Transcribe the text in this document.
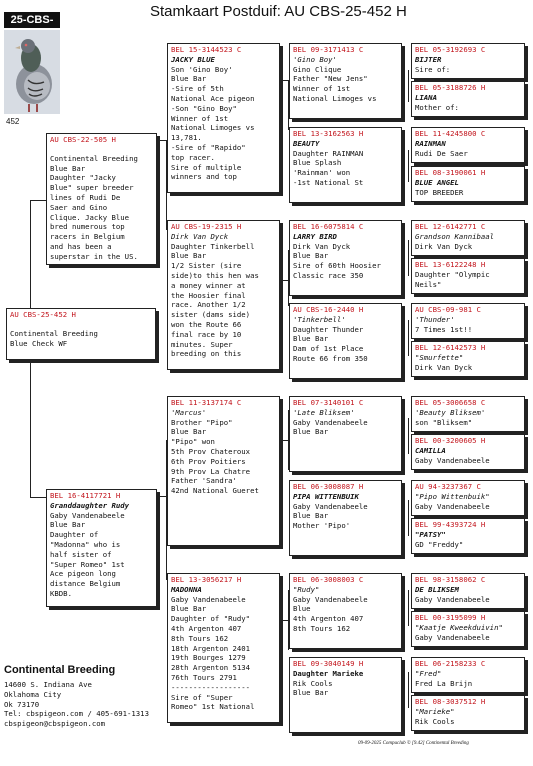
25-CBS-	Stamkaart Postduif: AU CBS-25-452 H
452
AU CBS-25-452 H
Continental Breeding
Blue Check WF
AU CBS-22-505 H
Continental Breeding
Blue Bar
Daughter "Jacky
Blue" super breeder
lines of Rudi De
Saer and Gino
Clique. Jacky Blue
bred numerous top
racers in Belgium
and has been a
superstar in the US.
BEL 16-4117721 H
Granddaughter Rudy
Gaby Vandenabeele
Blue Bar
Daughter of
"Madonna" who is
half sister of
"Super Romeo" 1st
Ace pigeon long
distance Belgium
KBDB.
BEL 15-3144523 C
JACKY BLUE
Son 'Gino Boy'
Blue Bar
-Sire of 5th
National Ace pigeon
-Son "Gino Boy"
Winner of 1st
National Limoges vs
13,781.
-Sire of "Rapido"
top racer.
Sire of multiple
winners and top
AU CBS-19-2315 H
Dirk Van Dyck
Daughter Tinkerbell
Blue Bar
1/2 Sister (sire
side)to this hen was
a money winner at
the Hoosier final
race. Another 1/2
sister (dams side)
won the Route 66
final race by 10
minutes. Super
breeding on this
BEL 11-3137174 C
'Marcus'
Brother "Pipo"
Blue Bar
"Pipo" won
5th Prov Chateroux
6th Prov Poitiers
9th Prov La Chatre
Father 'Sandra'
42nd National Gueret
BEL 13-3056217 H
MADONNA
Gaby Vandenabeele
Blue Bar
Daughter of "Rudy"
4th Argenton 407
8th Tours 162
18th Argenton 2401
19th Bourges 1279
28th Argenton 5134
76th Tours 2791
------------------
Sire of "Super
Romeo" 1st National
BEL 09-3171413 C
'Gino Boy'
Gino Clique
Father "New Jens"
Winner of 1st
National Limoges vs
BEL 13-3162563 H
BEAUTY
Daughter RAINMAN
Blue Splash
'Rainman' won
-1st National St
BEL 16-6075814 C
LARRY BIRD
Dirk Van Dyck
Blue Bar
Sire of 60th Hoosier
Classic race 350
AU CBS-16-2440 H
'Tinkerbell'
Daughter Thunder
Blue Bar
Dam of 1st Place
Route 66 from 350
BEL 07-3140101 C
'Late Bliksem'
Gaby Vandenabeele
Blue Bar
BEL 06-3008087 H
PIPA WITTENBUIK
Gaby Vandenabeele
Blue Bar
Mother 'Pipo'
BEL 06-3008003 C
"Rudy"
Gaby Vandenabeele
Blue
4th Argenton 407
8th Tours 162
BEL 09-3040149 H
Daughter Marieke
Rik Cools
Blue Bar
BEL 05-3192693 C
BIJTER
Sire of:
BEL 05-3188726 H
LIANA
Mother of:
BEL 11-4245800 C
RAINMAN
Rudi De Saer
BEL 08-3190061 H
BLUE ANGEL
TOP BREEDER
BEL 12-6142771 C
Grandson Kannibaal
Dirk Van Dyck
BEL 13-6122248 H
Daughter "Olympic
Neils"
AU CBS-09-981 C
'Thunder'
7 Times 1st!!
BEL 12-6142573 H
"Smurfette"
Dirk Van Dyck
BEL 05-3006658 C
'Beauty Bliksem'
son "Bliksem"
BEL 00-3200605 H
CAMILLA
Gaby Vandenabeele
AU 94-3237367 C
"Pipo Wittenbuik"
Gaby Vandenabeele
BEL 99-4393724 H
"PATSY"
GD "Freddy"
BEL 98-3158062 C
DE BLIKSEM
Gaby Vandenabeele
BEL 00-3195099 H
"Kaatje Kweekduivin"
Gaby Vandenabeele
BEL 06-2158233 C
"Fred"
Fred La Brijn
BEL 08-3037512 H
"Marieke"
Rik Cools
Continental Breeding
14600 S. Indiana Ave
Oklahoma City
Ok 73170
Tel: cbspigeon.com / 405-691-1313
cbspigeon@cbspigeon.com
09-09-2025 Compuclub © [9.42] Continental Breeding
